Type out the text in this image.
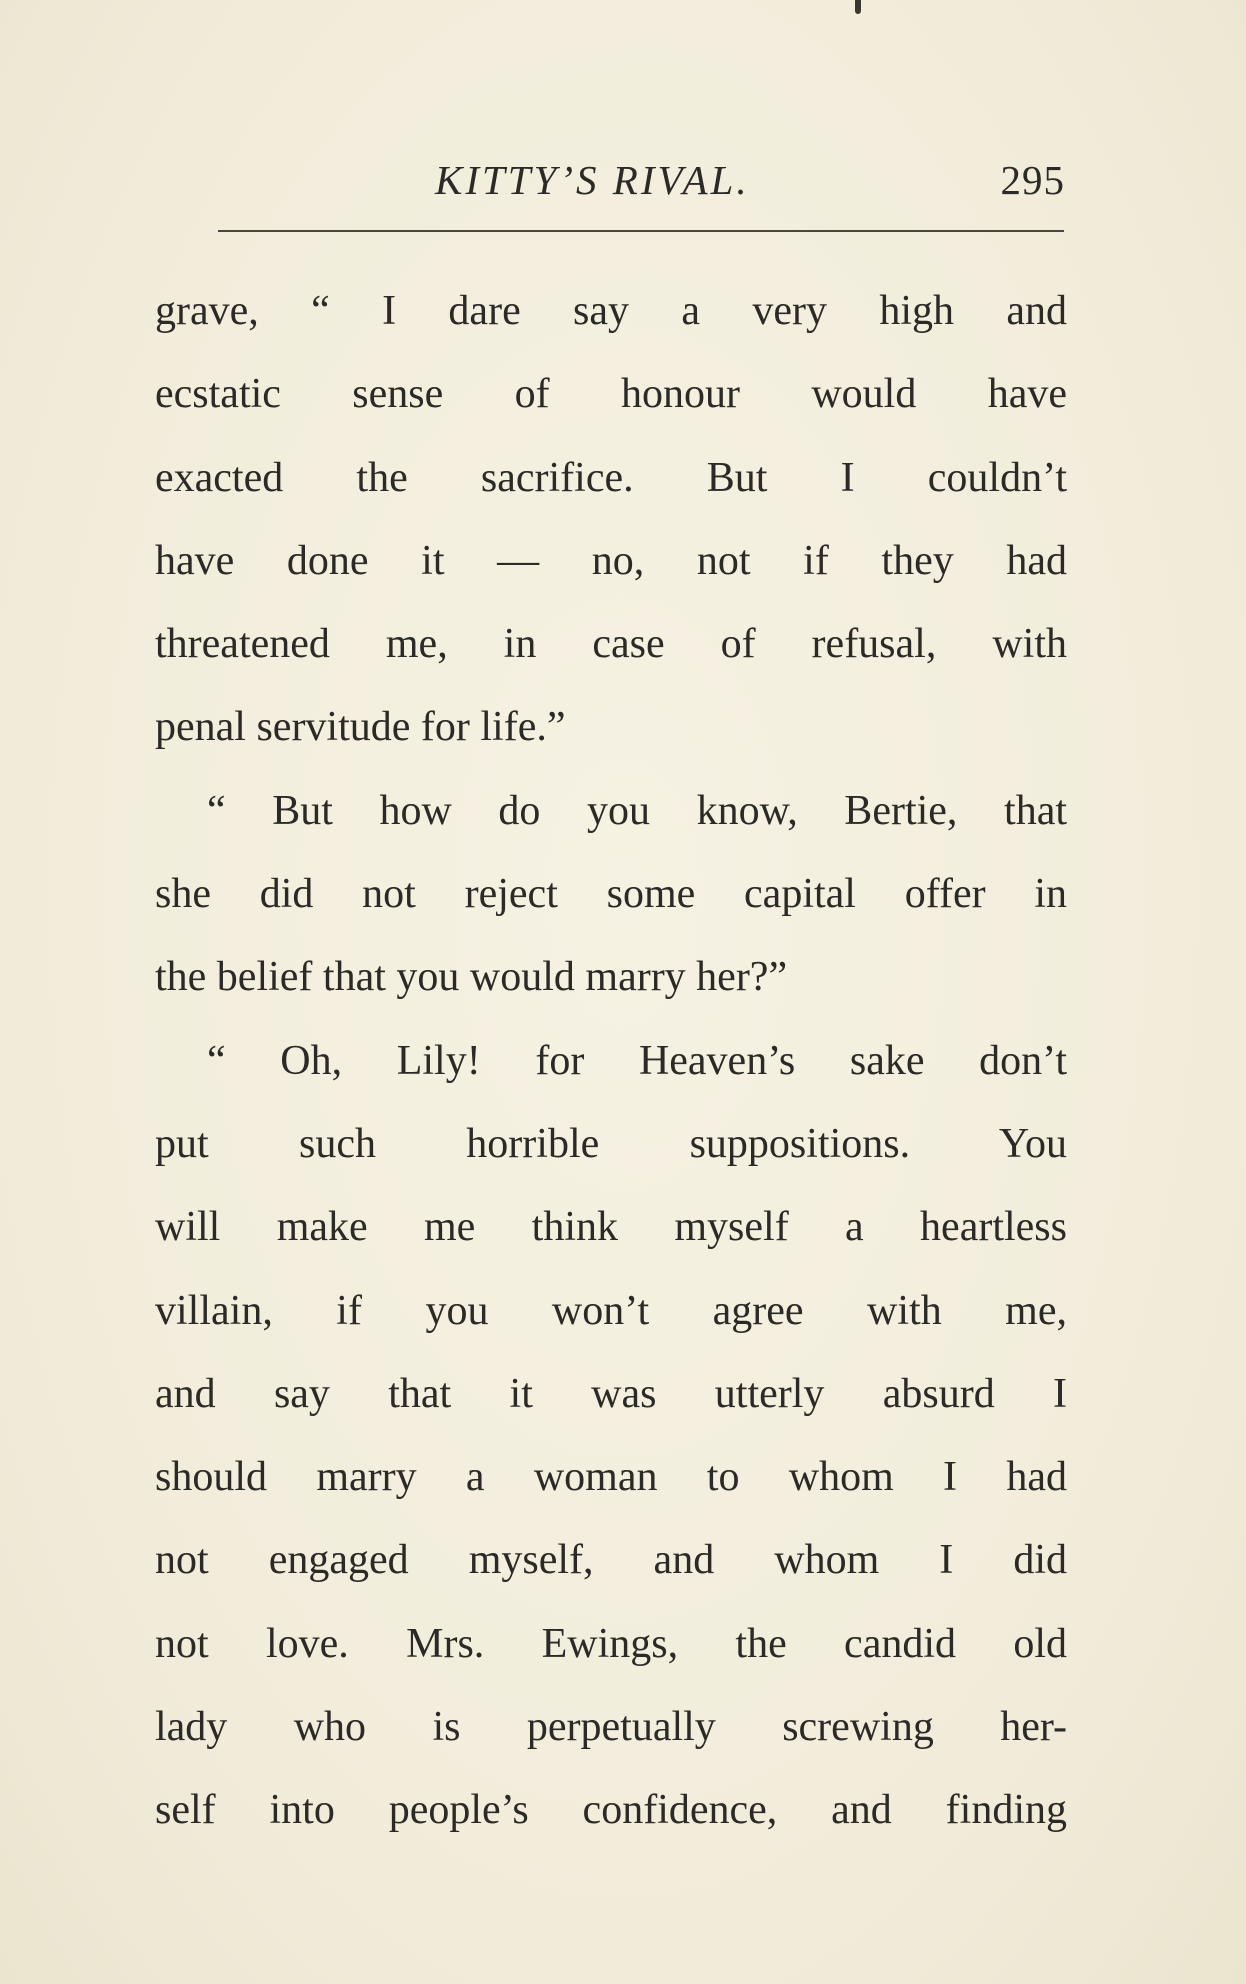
KITTY’S RIVAL.	295
grave, “ I dare say a very high and
ecstatic sense of honour would have
exacted the sacrifice. But I couldn’t
have done it — no, not if they had
threatened me, in case of refusal, with
penal servitude for life.”
“ But how do you know, Bertie, that
she did not reject some capital offer in
the belief that you would marry her?”
“ Oh, Lily! for Heaven’s sake don’t
put such horrible suppositions. You
will make me think myself a heartless
villain, if you won’t agree with me,
and say that it was utterly absurd I
should marry a woman to whom I had
not engaged myself, and whom I did
not love. Mrs. Ewings, the candid old
lady who is perpetually screwing her-
self into people’s confidence, and finding
